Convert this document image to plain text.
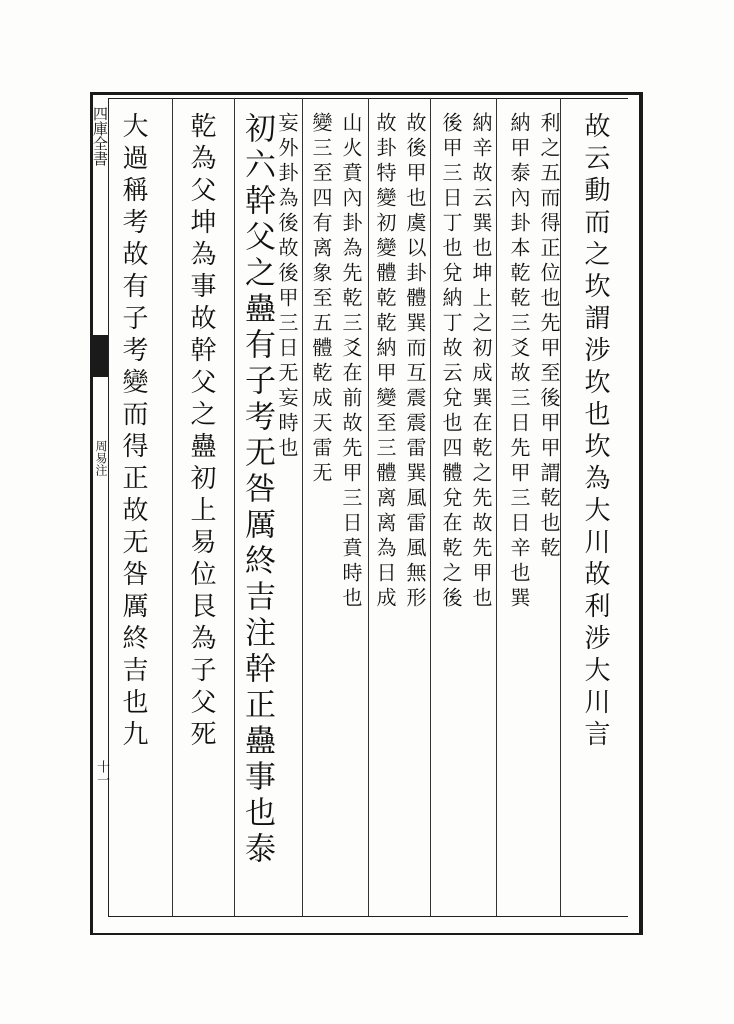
四庫全書
周易注
十一
故云動而之坎謂涉坎也坎為大川故利涉大川言
利之五而得正位也先甲至後甲甲謂乾也乾
納甲泰內卦本乾乾三爻故三日先甲三日辛也巽
納辛故云巽也坤上之初成巽在乾之先故先甲也
後甲三日丁也兌納丁故云兌也四體兌在乾之後
故後甲也虞以卦體巽而互震震雷巽風雷風無形
故卦特變初變體乾乾納甲變至三體离离為日成
山火賁內卦為先乾三爻在前故先甲三日賁時也
變三至四有离象至五體乾成天雷无
妄外卦為後故後甲三日无妄時也
初六幹父之蠱有子考无咎厲終吉注幹正蠱事也泰
乾為父坤為事故幹父之蠱初上易位艮為子父死
大過稱考故有子考變而得正故无咎厲終吉也九
